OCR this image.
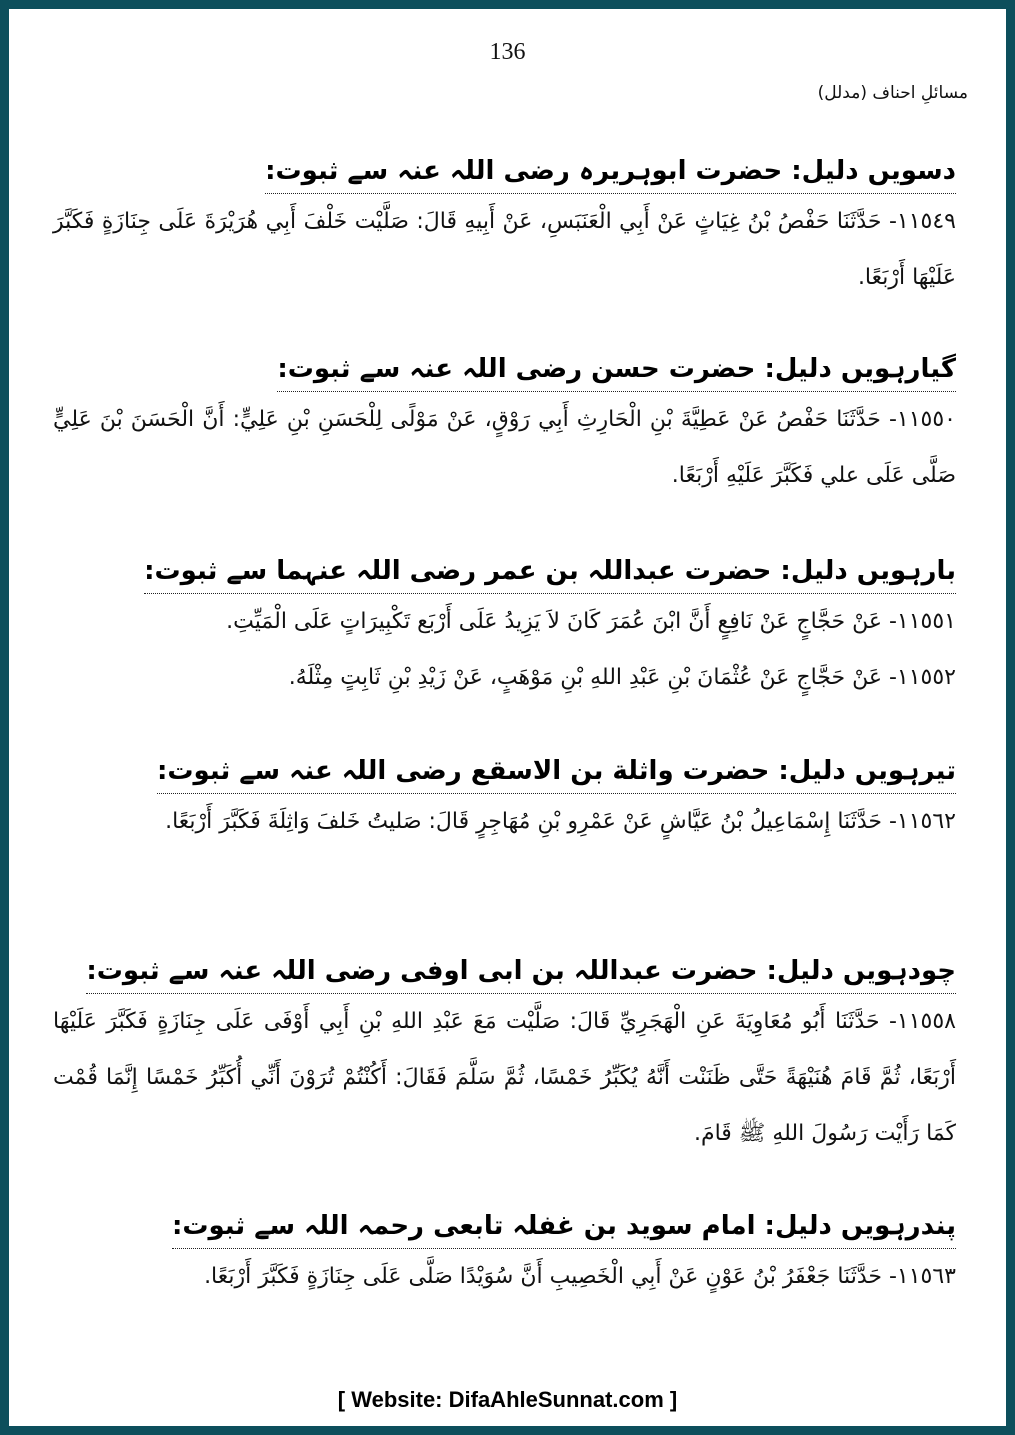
136
مسائلِ احناف (مدلل)
دسویں دلیل: حضرت ابوہریرہ رضی اللہ عنہ سے ثبوت:
١١٥٤٩- حَدَّثَنَا حَفْصُ بْنُ غِيَاثٍ عَنْ أَبِي الْعَنَبَسِ، عَنْ أَبِيهِ قَالَ: صَلَّيْت خَلْفَ أَبِي هُرَيْرَةَ عَلَى جِنَازَةٍ فَكَبَّرَ عَلَيْهَا أَرْبَعًا.
گیارہویں دلیل: حضرت حسن رضی اللہ عنہ سے ثبوت:
١١٥٥٠- حَدَّثَنَا حَفْصُ عَنْ عَطِيَّةَ بْنِ الْحَارِثِ أَبِي رَوْقٍ، عَنْ مَوْلًى لِلْحَسَنِ بْنِ عَلِيٍّ: أَنَّ الْحَسَنَ بْنَ عَلِيٍّ صَلَّى عَلَى علي فَكَبَّرَ عَلَيْهِ أَرْبَعًا.
بارہویں دلیل: حضرت عبداللہ بن عمر رضی اللہ عنہما سے ثبوت:
١١٥٥١- عَنْ حَجَّاجٍ عَنْ نَافِعٍ أَنَّ ابْنَ عُمَرَ كَانَ لاَ يَزِيدُ عَلَى أَرْبَع تَكْبِيرَاتٍ عَلَى الْمَيِّتِ.
١١٥٥٢- عَنْ حَجَّاجٍ عَنْ عُثْمَانَ بْنِ عَبْدِ اللهِ بْنِ مَوْهَبٍ، عَنْ زَيْدِ بْنِ ثَابِتٍ مِثْلَهُ.
تیرہویں دلیل: حضرت واثلة بن الاسقع رضی اللہ عنہ سے ثبوت:
١١٥٦٢- حَدَّثَنَا إِسْمَاعِيلُ بْنُ عَيَّاشٍ عَنْ عَمْرِو بْنِ مُهَاجِرٍ قَالَ: صَليتُ خَلفَ وَاثِلَةَ فَكَبَّرَ أَرْبَعًا.
چودہویں دلیل: حضرت عبداللہ بن ابی اوفی رضی اللہ عنہ سے ثبوت:
١١٥٥٨- حَدَّثَنَا أَبُو مُعَاوِيَةَ عَنِ الْهَجَرِيِّ قَالَ: صَلَّيْت مَعَ عَبْدِ اللهِ بْنِ أَبِي أَوْفَى عَلَى جِنَازَةٍ فَكَبَّرَ عَلَيْهَا أَرْبَعًا، ثُمَّ قَامَ هُنَيْهَةً حَتَّى ظَنَنْت أَنَّهُ يُكَبِّرُ خَمْسًا، ثُمَّ سَلَّمَ فَقَالَ: أَكُنْتُمْ تُرَوْنَ أَنِّي أُكَبِّرُ خَمْسًا إِنَّمَا قُمْت كَمَا رَأَيْت رَسُولَ اللهِ ﷺ قَامَ.
پندرہویں دلیل: امام سوید بن غفلہ تابعی رحمہ اللہ سے ثبوت:
١١٥٦٣- حَدَّثَنَا جَعْفَرُ بْنُ عَوْنٍ عَنْ أَبِي الْخَصِيبِ أَنَّ سُوَيْدًا صَلَّى عَلَى جِنَازَةٍ فَكَبَّرَ أَرْبَعًا.
[ Website: DifaAhleSunnat.com ]
